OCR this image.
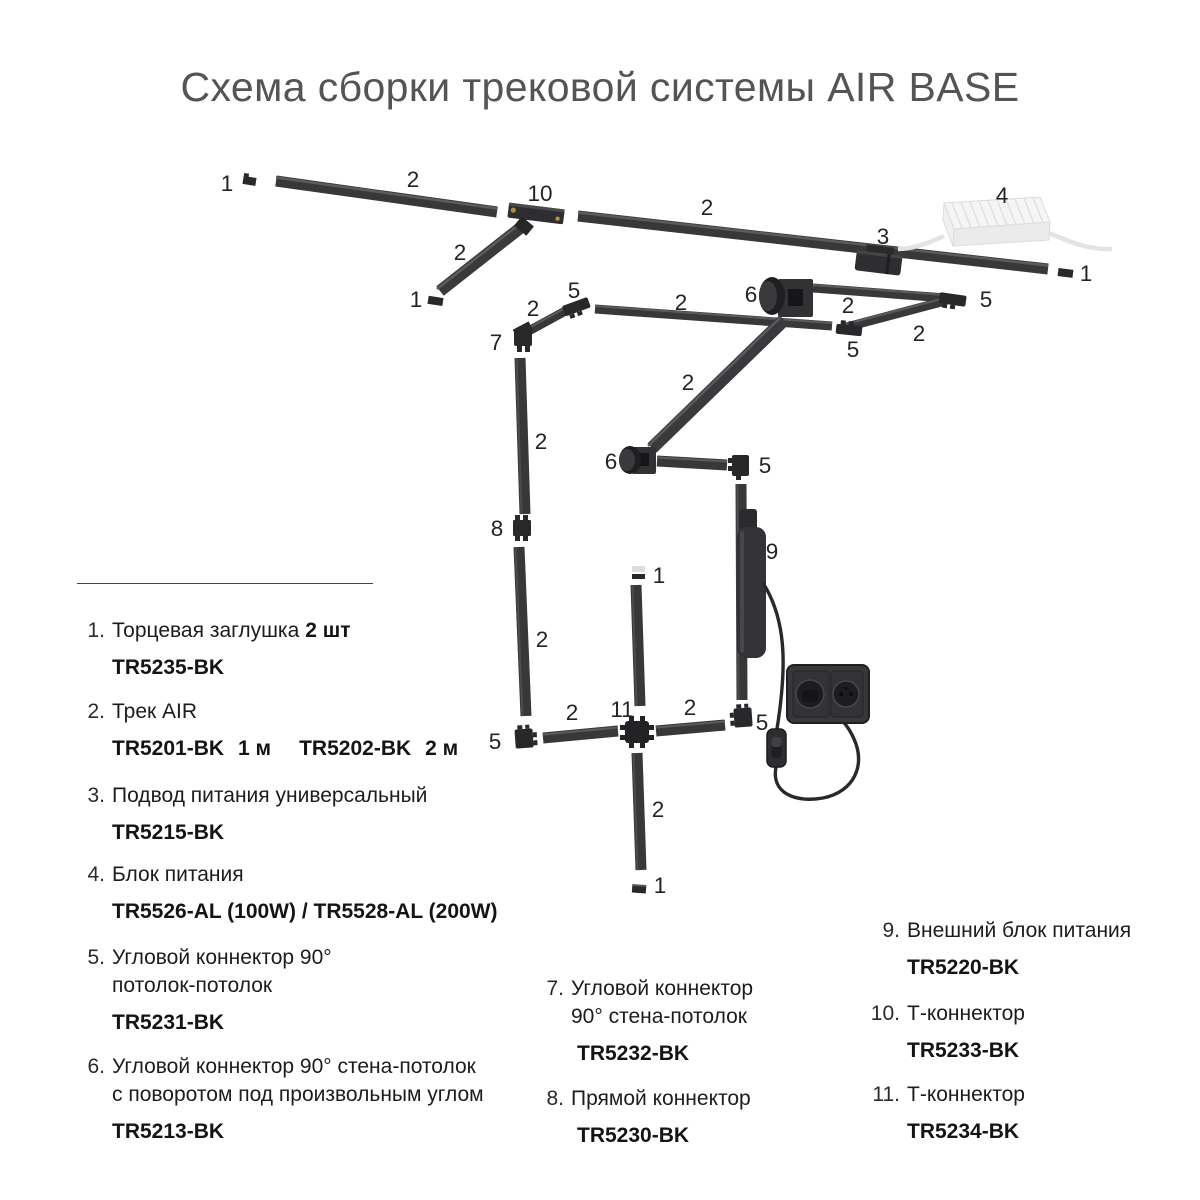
Схема сборки трековой системы AIR BASE
1	2
10
2
3
4
1
2
1	5
2	2	6	2	5
2
5
7
2
2
6	5
8
9
1
2
2 11 2
5
5
2
1
1. Торцевая заглушка 2 шт
TR5235-BK
2. Трек AIR
TR5201-BK 1 м TR5202-BK 2 м
3. Подвод питания универсальный
TR5215-BK
4. Блок питания
TR5526-AL (100W) / TR5528-AL (200W)
5. Угловой коннектор 90°
потолок-потолок
TR5231-BK
6. Угловой коннектор 90° стена-потолок
с поворотом под произвольным углом
TR5213-BK
7. Угловой коннектор
90° стена-потолок
TR5232-BK
8. Прямой коннектор
TR5230-BK
9. Внешний блок питания
TR5220-BK
10. Т-коннектор
TR5233-BK
11. Т-коннектор
TR5234-BK
